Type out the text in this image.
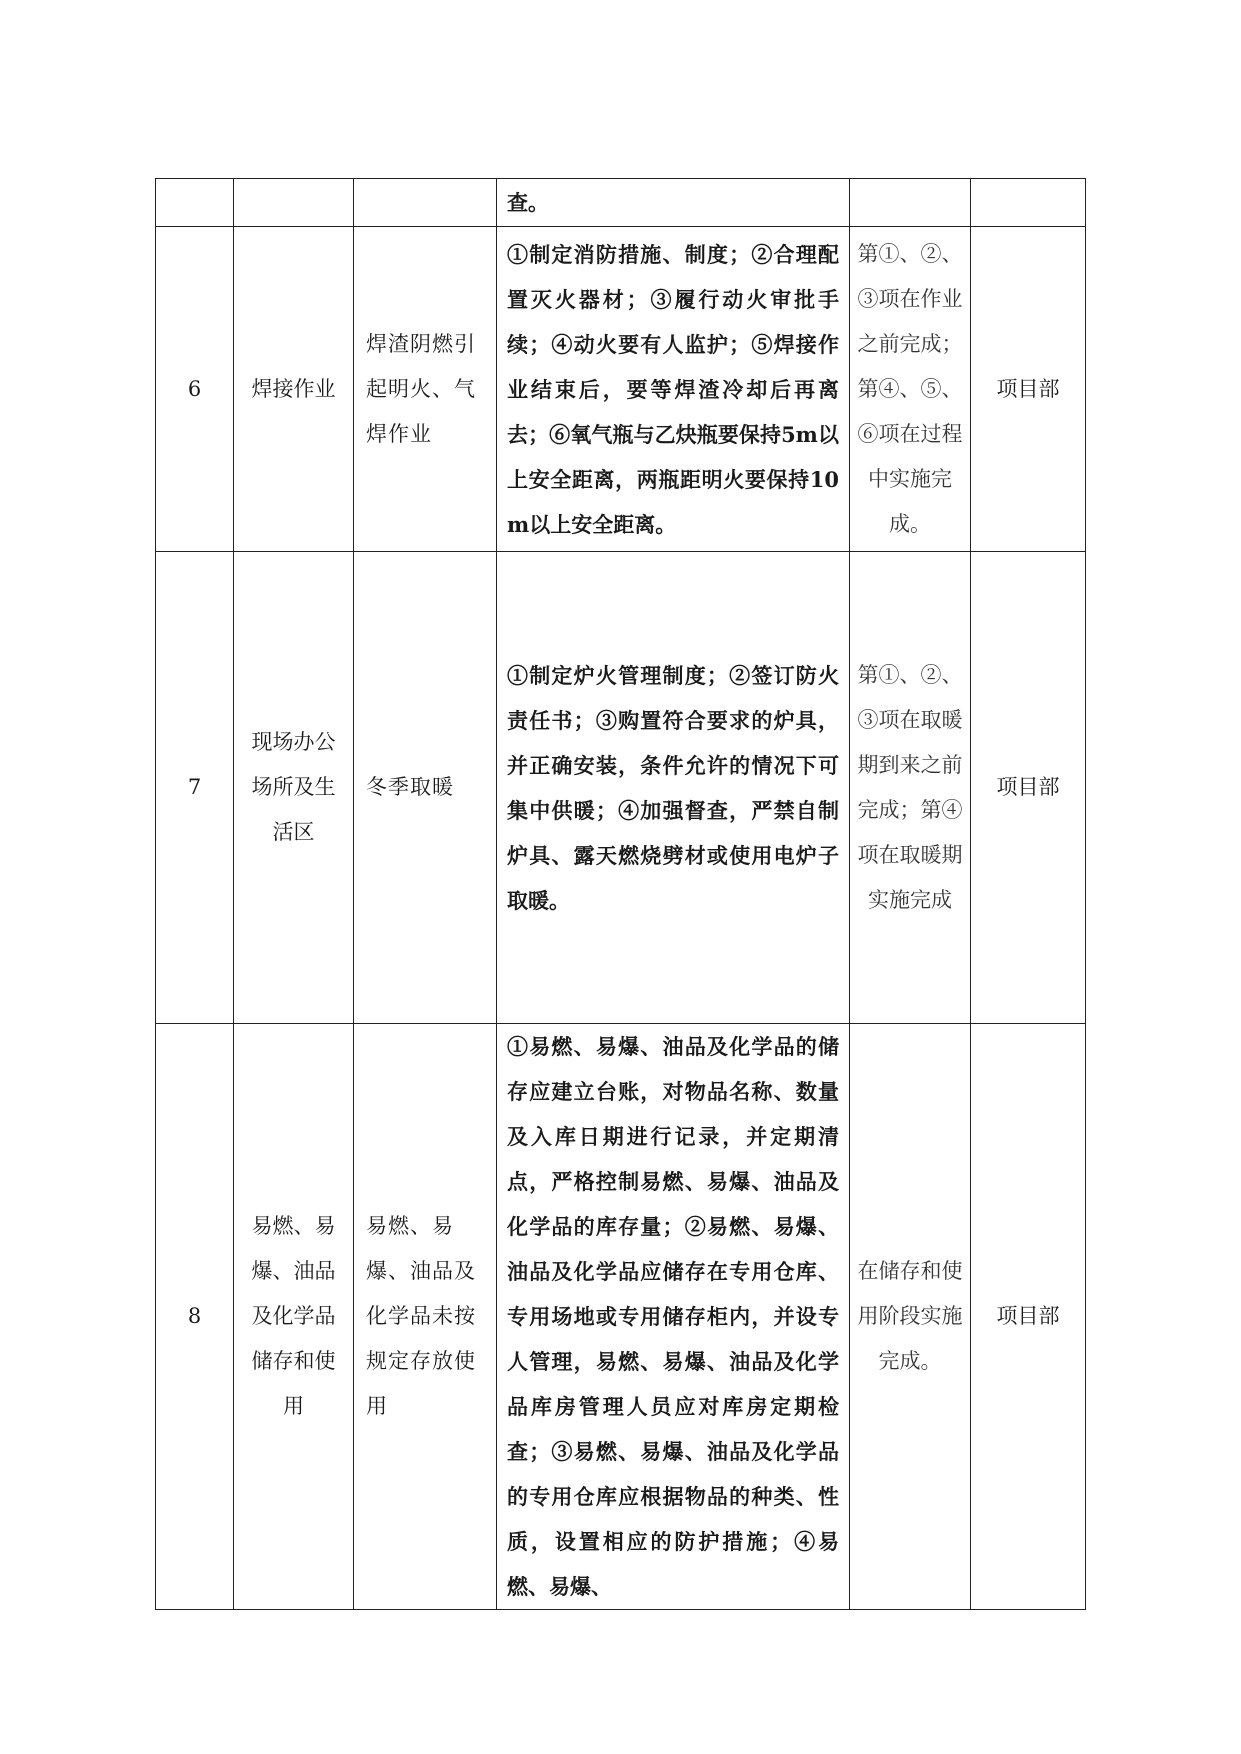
			查。		
6	焊接作业	焊渣阴燃引起明火、气焊作业	①制定消防措施、制度；②合理配置灭火器材；③履行动火审批手续；④动火要有人监护；⑤焊接作业结束后，要等焊渣冷却后再离去；⑥氧气瓶与乙炔瓶要保持5m以上安全距离，两瓶距明火要保持10m以上安全距离。	第①、②、③项在作业之前完成；第④、⑤、⑥项在过程中实施完成。	项目部
7	现场办公场所及生活区	冬季取暖	①制定炉火管理制度；②签订防火责任书；③购置符合要求的炉具，并正确安装，条件允许的情况下可集中供暖；④加强督查，严禁自制炉具、露天燃烧劈材或使用电炉子取暖。	第①、②、③项在取暖期到来之前完成；第④项在取暖期实施完成	项目部
8	易燃、易爆、油品及化学品储存和使用	易燃、易爆、油品及化学品未按规定存放使用	①易燃、易爆、油品及化学品的储存应建立台账，对物品名称、数量及入库日期进行记录，并定期清点，严格控制易燃、易爆、油品及化学品的库存量；②易燃、易爆、油品及化学品应储存在专用仓库、专用场地或专用储存柜内，并设专人管理，易燃、易爆、油品及化学品库房管理人员应对库房定期检查；③易燃、易爆、油品及化学品的专用仓库应根据物品的种类、性质，设置相应的防护措施；④易燃、易爆、	在储存和使用阶段实施完成。	项目部
